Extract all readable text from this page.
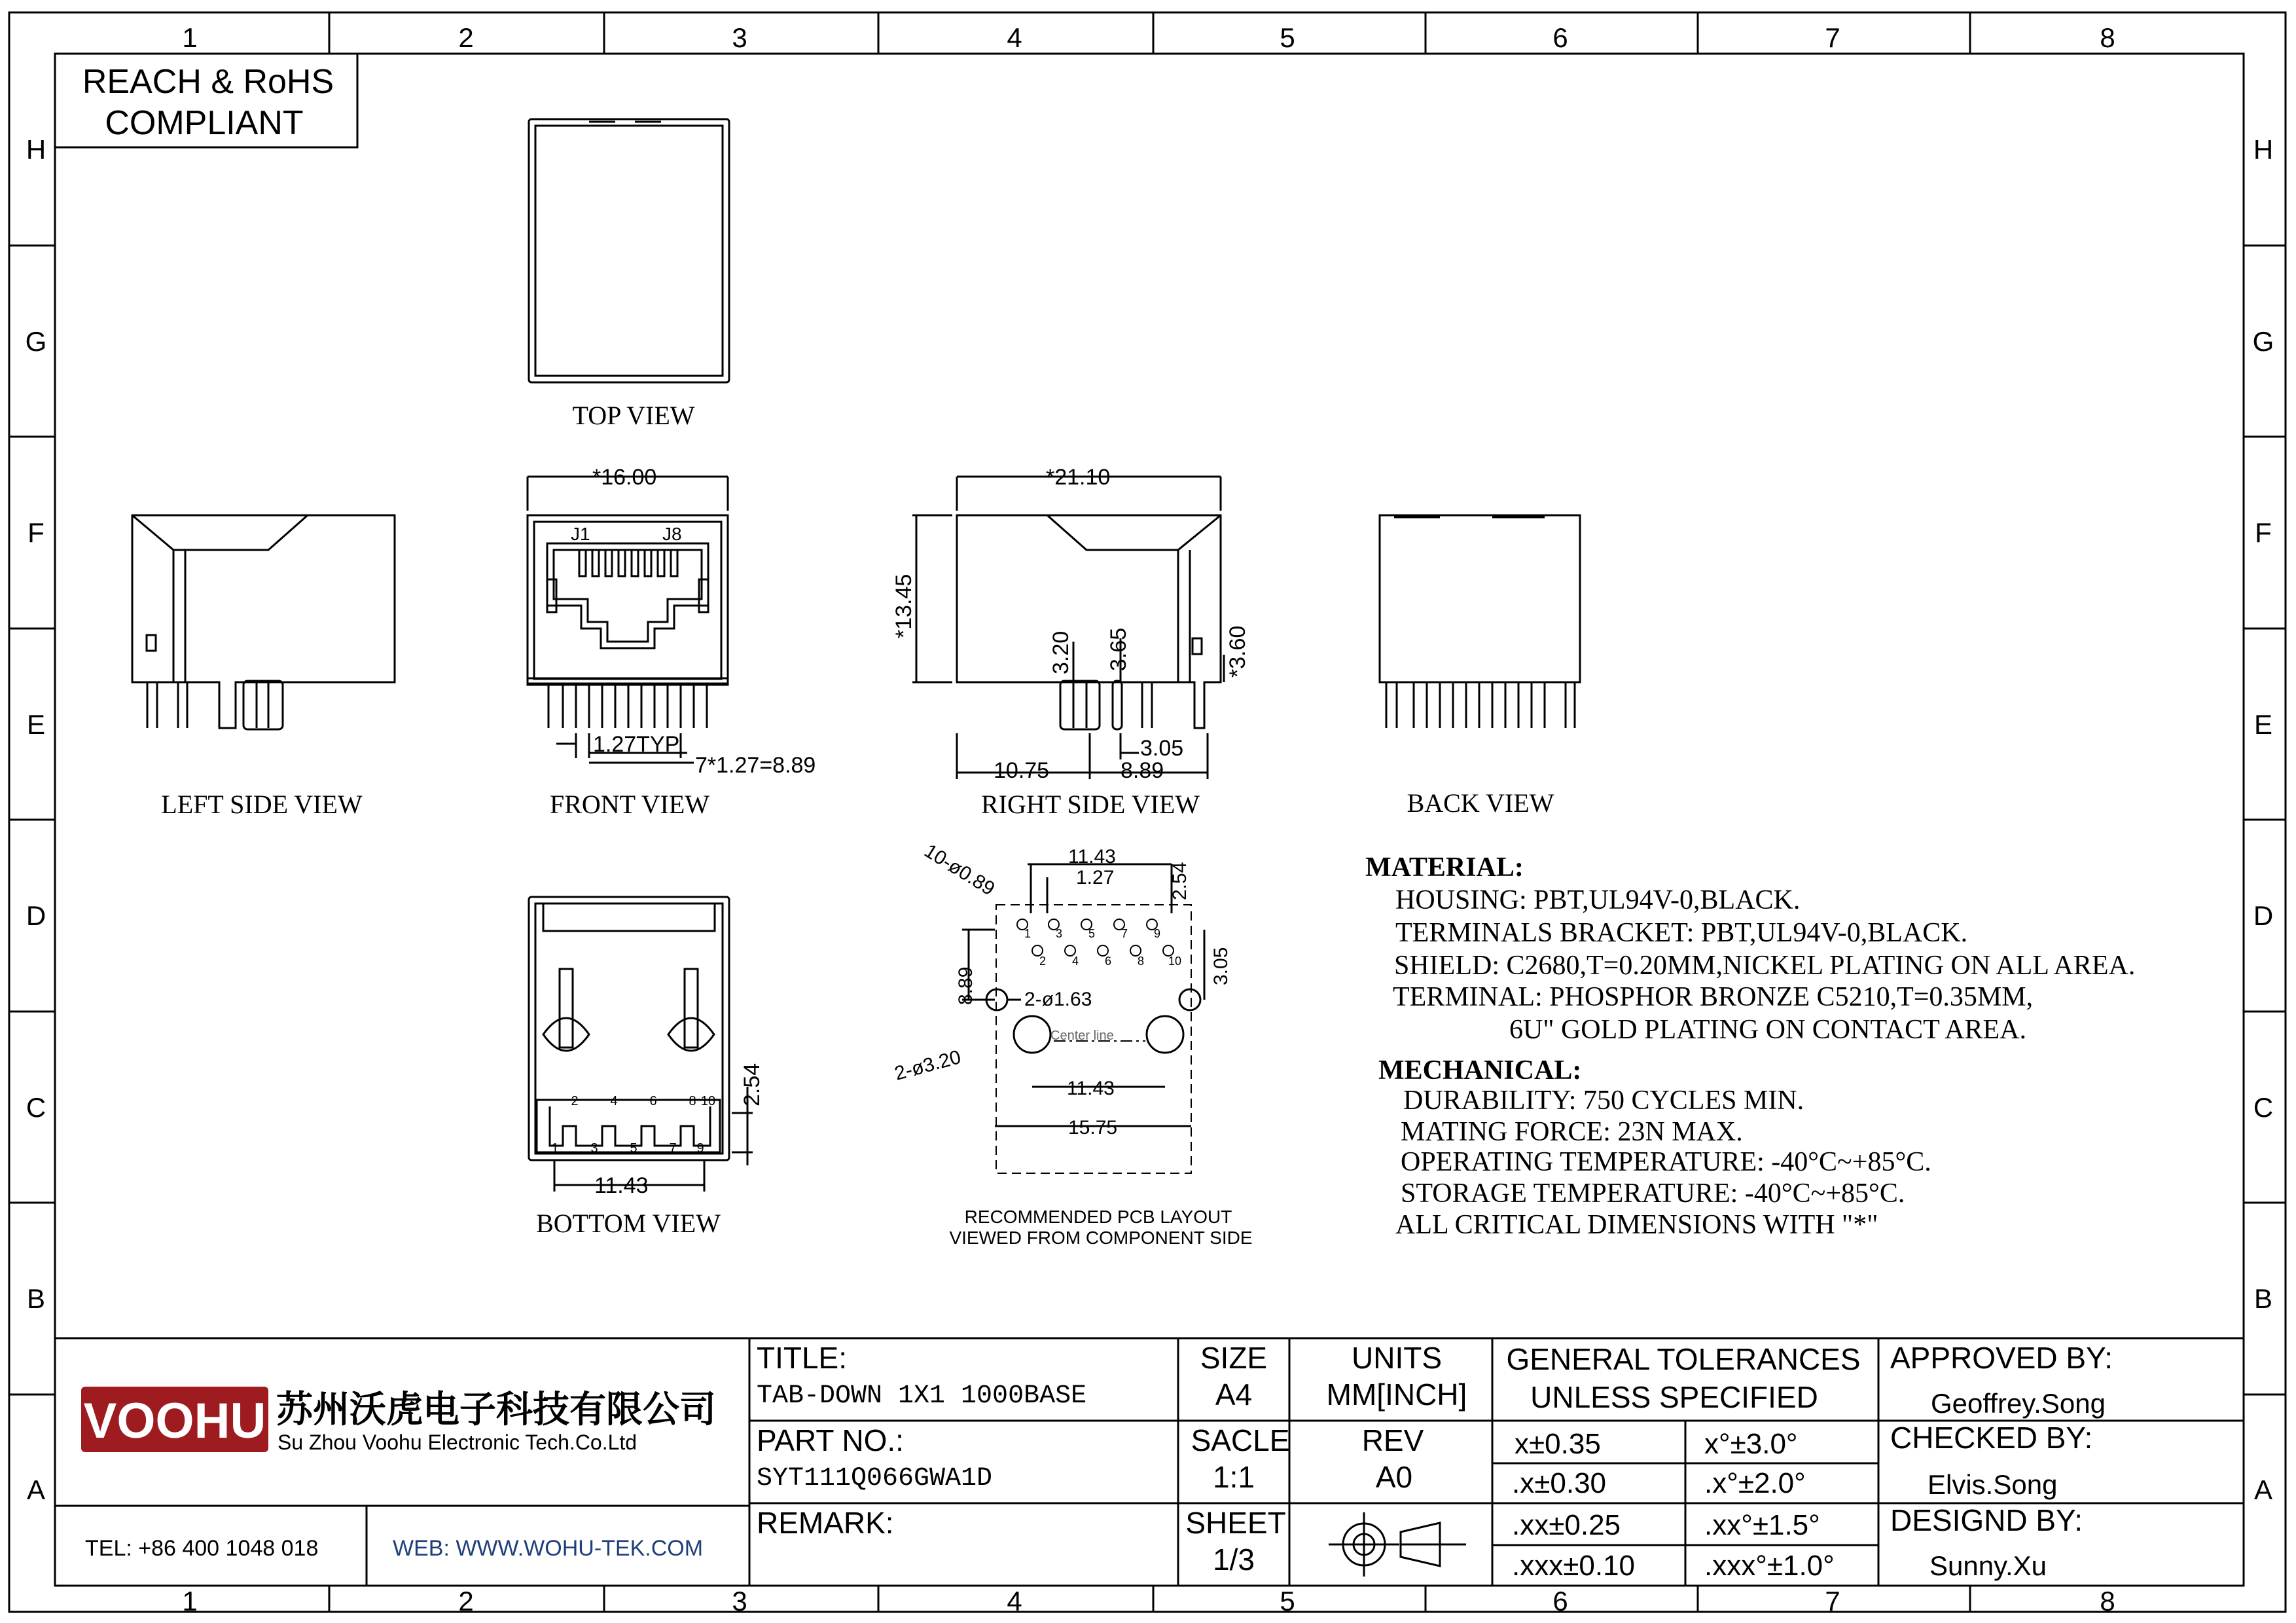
1	2	3	4	5	6	7	8
1	2	3	4	5	6	7	8
H
G
F
E
D
C
B
A
H
G
F
E
D
C
B
A
REACH & RoHS
COMPLIANT
TOP VIEW
LEFT SIDE VIEW	FRONT VIEW	RIGHT SIDE VIEW	BACK VIEW
BOTTOM VIEW
*16.00
J1	J8
1.27TYP
7*1.27=8.89
*21.10
*13.45
3.20 3.65	*3.60
10.75	8.89
3.05
2.54
11.43
1
2
3
4
5
6
7
8
9
10
1
2
3
4
5
6
7
8
9
10
11.43
1.27	2.54
10-ø0.89
8.89 2-ø1.63
2-ø3.20
3.05
11.43
15.75
Center line
RECOMMENDED PCB LAYOUT
VIEWED FROM COMPONENT SIDE
MATERIAL:
HOUSING: PBT,UL94V-0,BLACK.
TERMINALS BRACKET: PBT,UL94V-0,BLACK.
SHIELD: C2680,T=0.20MM,NICKEL PLATING ON ALL AREA.
TERMINAL: PHOSPHOR BRONZE C5210,T=0.35MM,
6U" GOLD PLATING ON CONTACT AREA.
MECHANICAL:
DURABILITY: 750 CYCLES MIN.
MATING FORCE: 23N MAX.
OPERATING TEMPERATURE: -40°C~+85°C.
STORAGE TEMPERATURE: -40°C~+85°C.
ALL CRITICAL DIMENSIONS WITH "*"
VOOHU 苏州沃虎电子科技有限公司
Su Zhou Voohu Electronic Tech.Co.Ltd
TEL: +86 400 1048 018	WEB: WWW.WOHU-TEK.COM
TITLE:
TAB-DOWN 1X1 1000BASE
PART NO.:
SYT111Q066GWA1D
REMARK:
SIZE
A4
UNITS
MM[INCH]
SACLE
1:1
REV
A0
SHEET
1/3
GENERAL TOLERANCES
UNLESS SPECIFIED
x±0.35	x°±3.0°
.x±0.30	.x°±2.0°
.xx±0.25	.xx°±1.5°
.xxx±0.10 .xxx°±1.0°
APPROVED BY:
Geoffrey.Song
CHECKED BY:
Elvis.Song
DESIGND BY:
Sunny.Xu
